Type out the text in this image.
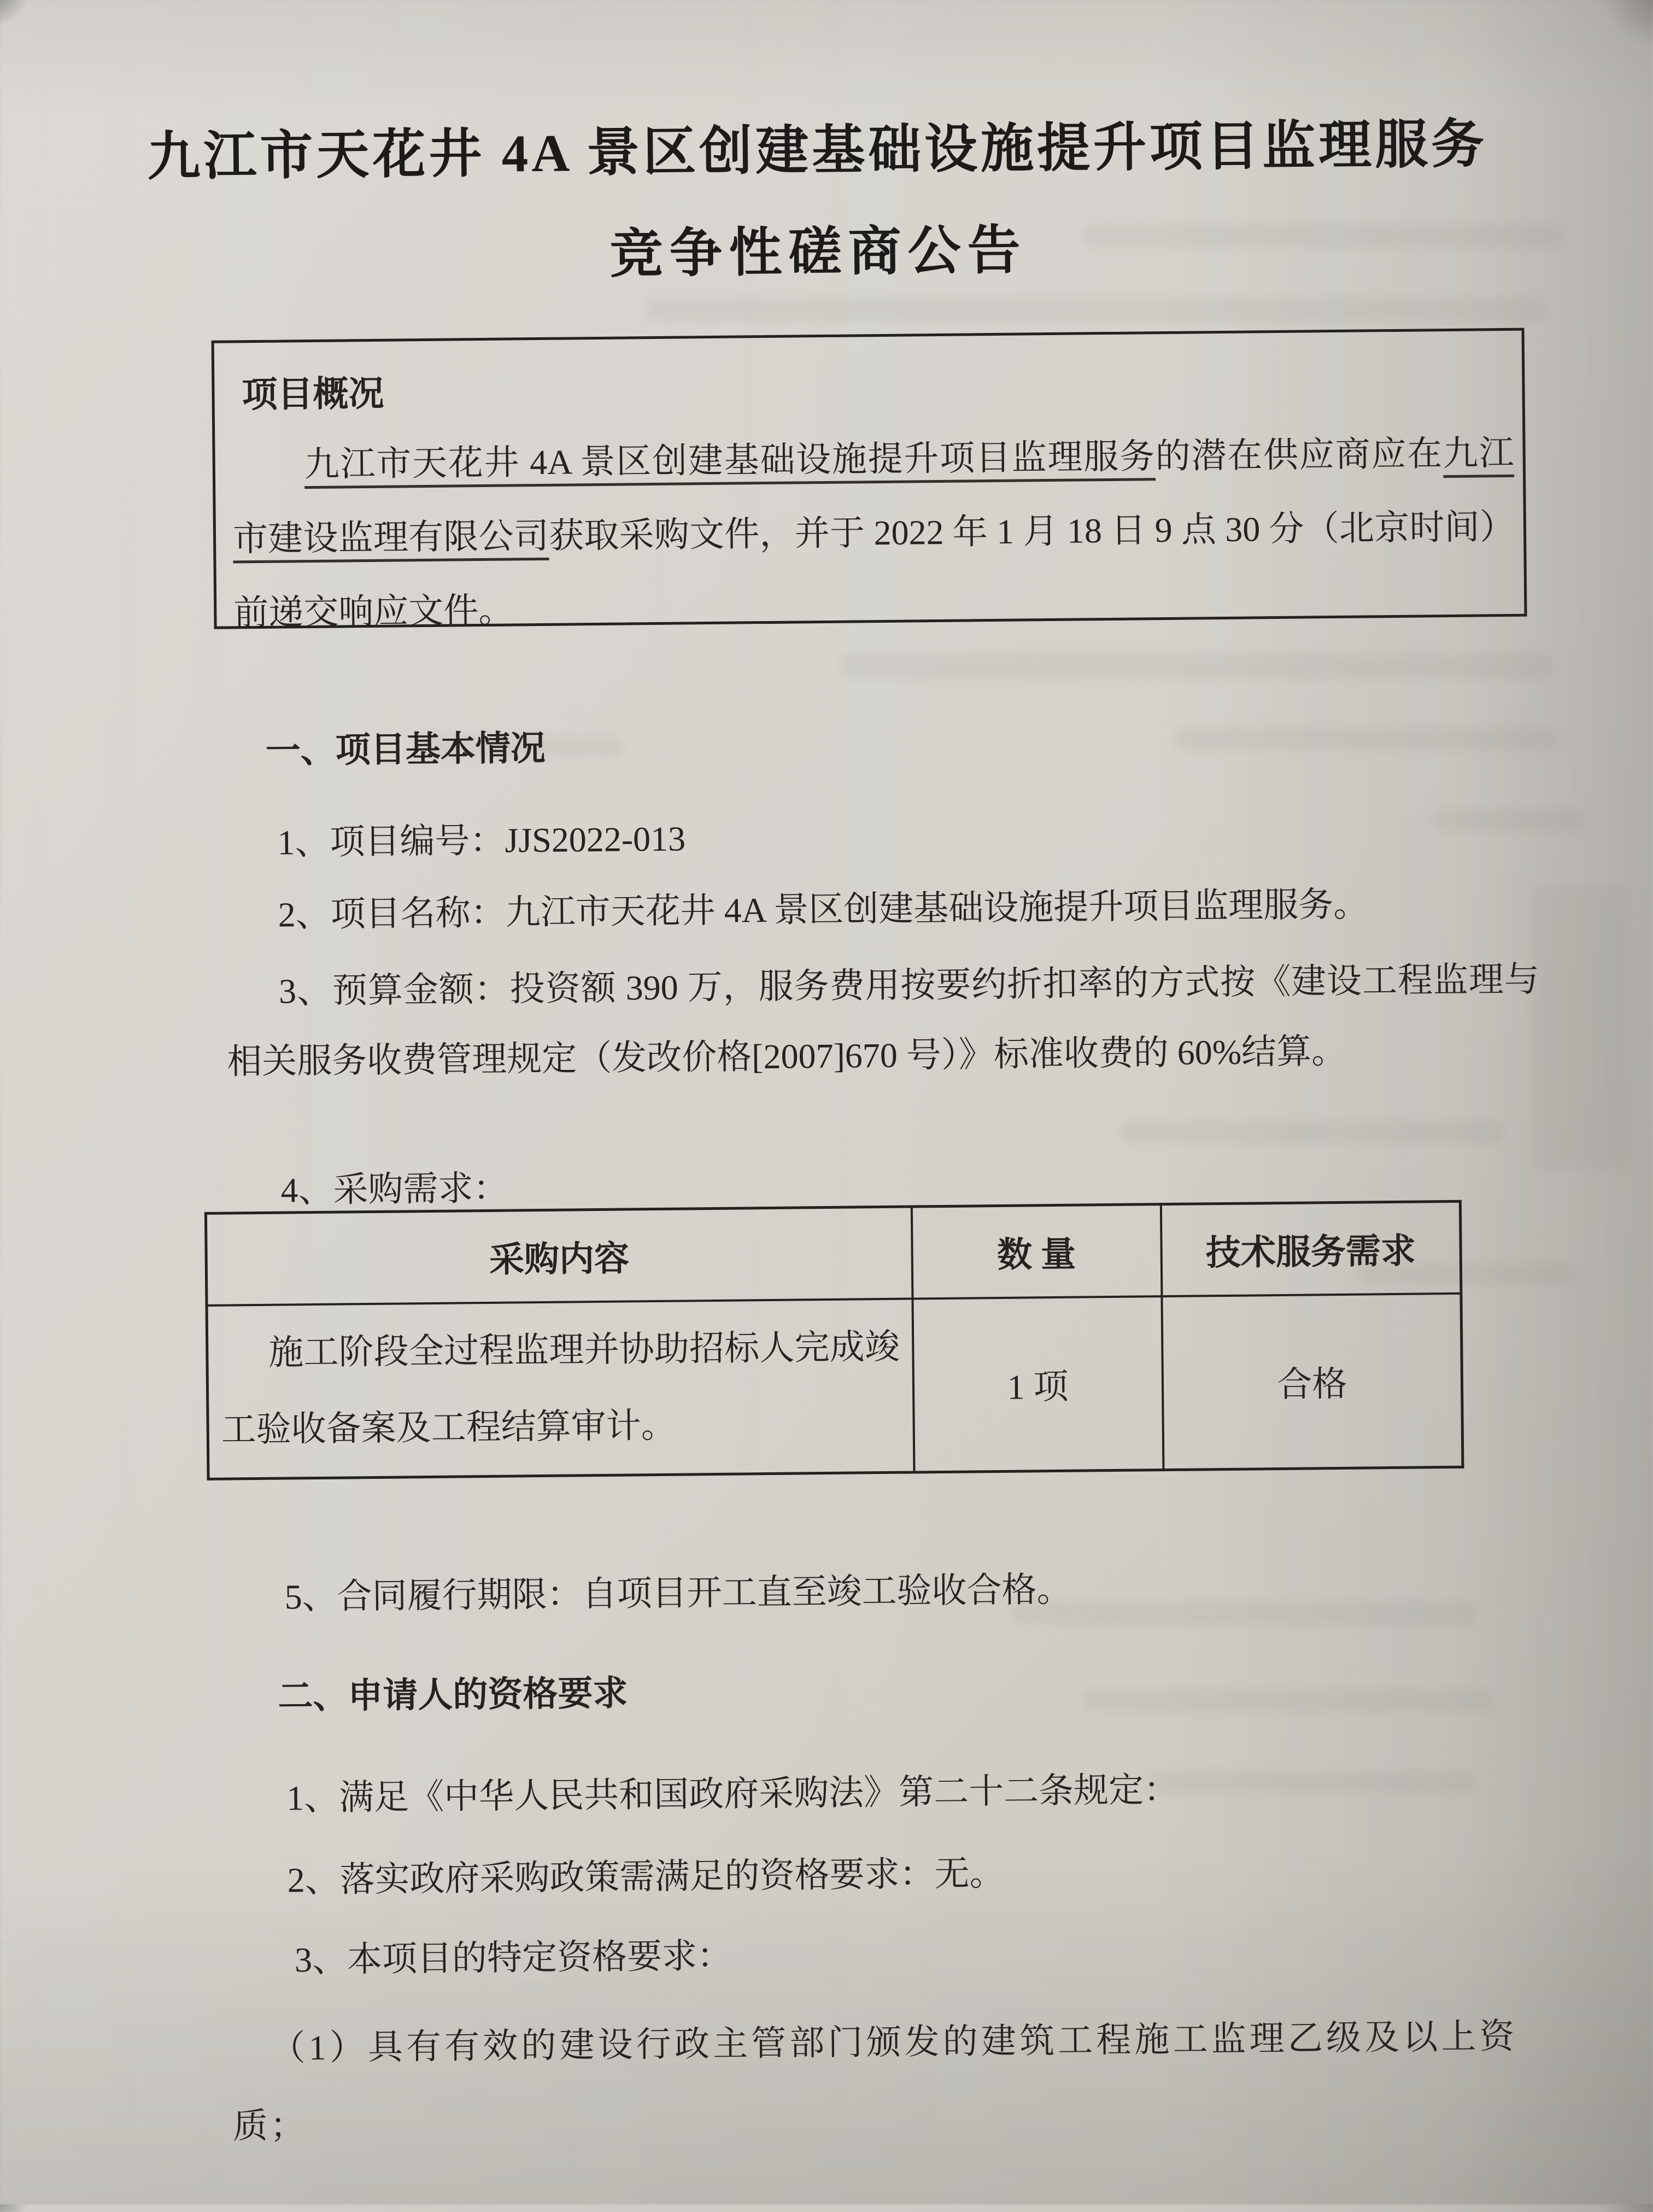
九江市天花井 4A 景区创建基础设施提升项目监理服务
竞争性磋商公告
项目概况
九江市天花井 4A 景区创建基础设施提升项目监理服务的潜在供应商应在九江市建设监理有限公司获取采购文件，并于 2022 年 1 月 18 日 9 点 30 分（北京时间）前递交响应文件。
一、项目基本情况
1、项目编号：JJS2022-013
2、项目名称：九江市天花井 4A 景区创建基础设施提升项目监理服务。
3、预算金额：投资额 390 万，服务费用按要约折扣率的方式按《建设工程监理与相关服务收费管理规定（发改价格[2007]670 号）》标准收费的 60%结算。
4、采购需求：
采购内容	数 量	技术服务需求
施工阶段全过程监理并协助招标人完成竣工验收备案及工程结算审计。	1 项	合格
5、合同履行期限：自项目开工直至竣工验收合格。
二、申请人的资格要求
1、满足《中华人民共和国政府采购法》第二十二条规定：
2、落实政府采购政策需满足的资格要求：无。
3、本项目的特定资格要求：
（1）具有有效的建设行政主管部门颁发的建筑工程施工监理乙级及以上资质；
